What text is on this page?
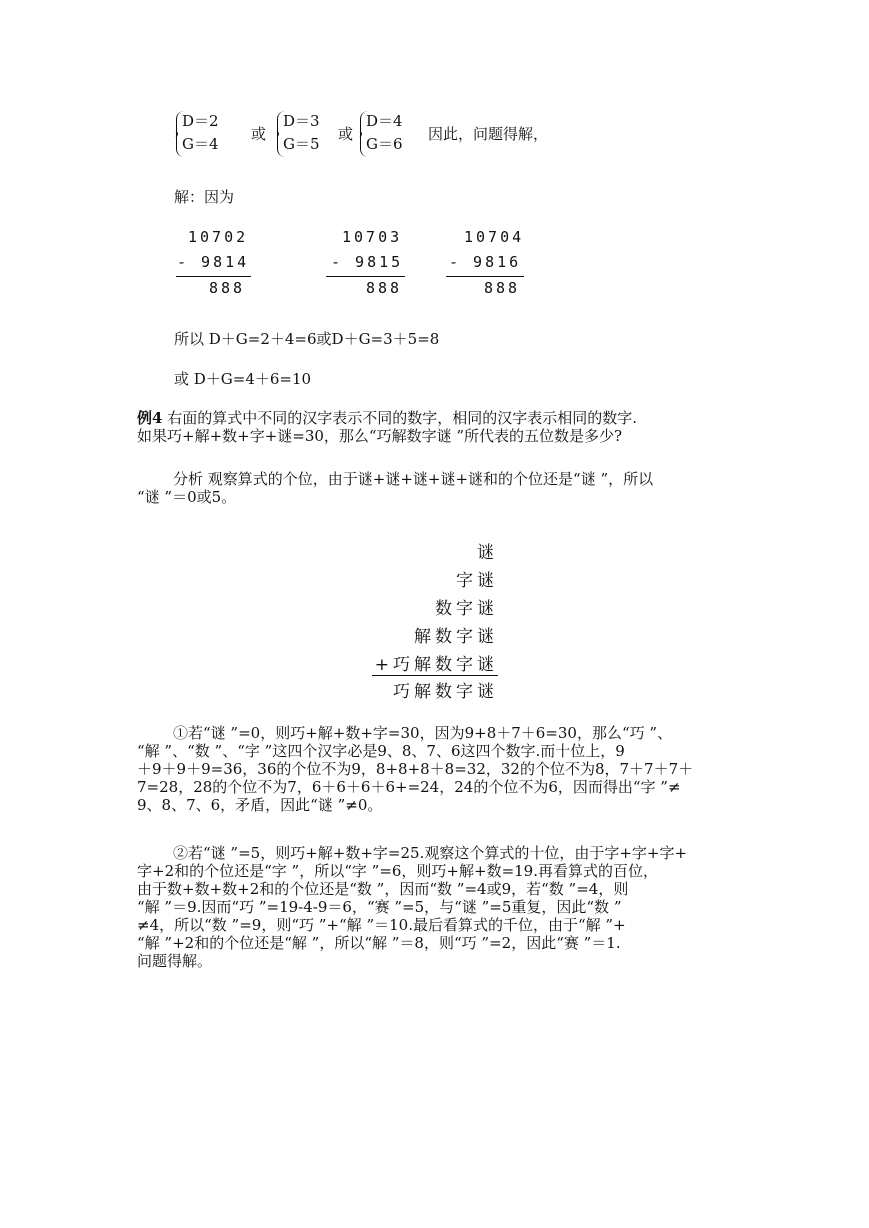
D＝2
G＝4
或
D＝3
G＝5
或
D＝4
G＝6
因此，问题得解，
解：因为
10702
- 9814
888
10703
- 9815
888
10704
- 9816
888
所以 D＋G=2＋4=6或D＋G=3＋5=8
或 D＋G=4＋6=10
例4 右面的算式中不同的汉字表示不同的数字，相同的汉字表示相同的数字.
如果巧+解+数+字+谜=30，那么“巧解数字谜 ”所代表的五位数是多少?
分析 观察算式的个位，由于谜+谜+谜+谜+谜和的个位还是“谜 ”，所以
“谜 ”＝0或5。
谜
字谜
数字谜
解数字谜
+巧解数字谜
巧解数字谜
①若“谜 ”=0，则巧+解+数+字=30，因为9+8＋7＋6=30，那么“巧 ”、
“解 ”、“数 ”、“字 ”这四个汉字必是9、8、7、6这四个数字.而十位上，9
＋9＋9＋9=36，36的个位不为9，8+8+8＋8=32，32的个位不为8，7＋7＋7＋
7=28，28的个位不为7，6＋6＋6＋6+=24，24的个位不为6，因而得出“字 ”≠
9、8、7、6，矛盾，因此“谜 ”≠0。
②若“谜 ”=5，则巧+解+数+字=25.观察这个算式的十位，由于字+字+字+
字+2和的个位还是“字 ”，所以“字 ”=6，则巧+解+数=19.再看算式的百位，
由于数+数+数+2和的个位还是“数 ”，因而“数 ”=4或9，若“数 ”=4，则
“解 ”＝9.因而“巧 ”=19-4-9＝6，“赛 ”=5，与“谜 ”=5重复，因此“数 ”
≠4，所以“数 ”=9，则“巧 ”+“解 ”＝10.最后看算式的千位，由于“解 ”+
“解 ”+2和的个位还是“解 ”，所以“解 ”＝8，则“巧 ”=2，因此“赛 ”＝1.
问题得解。
